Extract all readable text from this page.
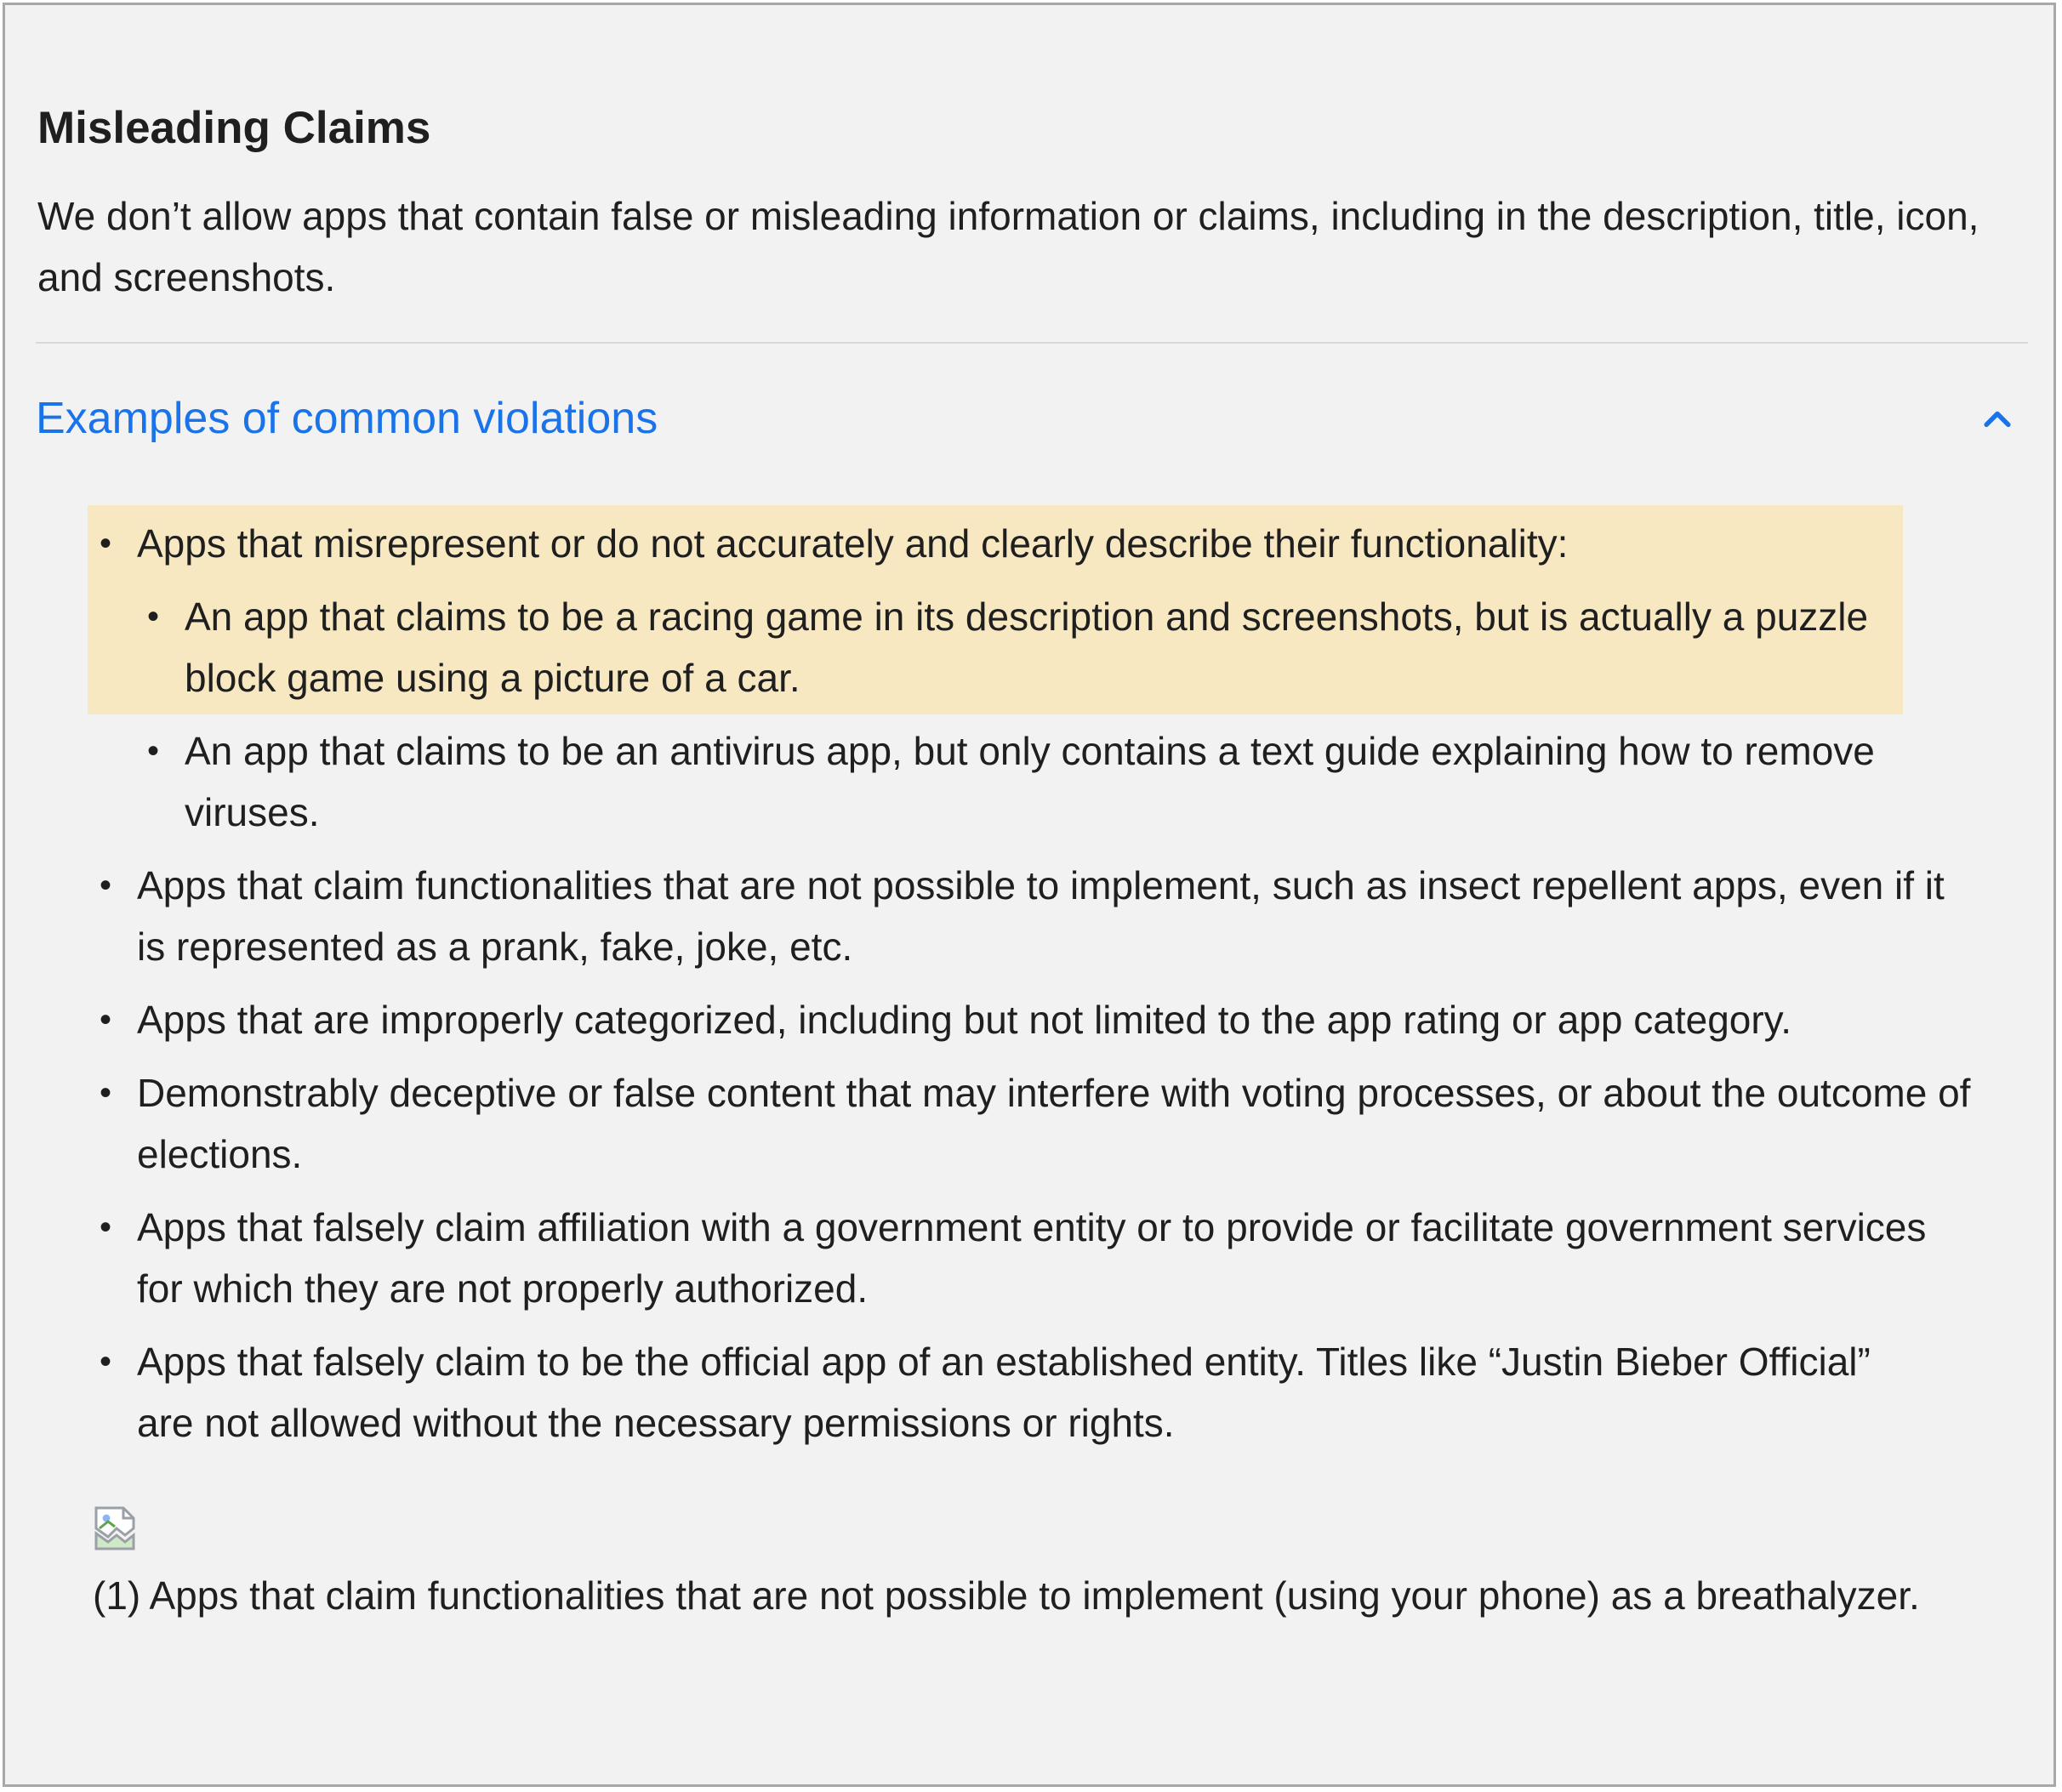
Misleading Claims

We don’t allow apps that contain false or misleading information or claims, including in the description, title, icon, and screenshots.

Examples of common violations
• Apps that misrepresent or do not accurately and clearly describe their functionality:
• An app that claims to be a racing game in its description and screenshots, but is actually a puzzle block game using a picture of a car.
• An app that claims to be an antivirus app, but only contains a text guide explaining how to remove viruses.
• Apps that claim functionalities that are not possible to implement, such as insect repellent apps, even if it is represented as a prank, fake, joke, etc.
• Apps that are improperly categorized, including but not limited to the app rating or app category.
• Demonstrably deceptive or false content that may interfere with voting processes, or about the outcome of elections.
• Apps that falsely claim affiliation with a government entity or to provide or facilitate government services for which they are not properly authorized.
• Apps that falsely claim to be the official app of an established entity. Titles like “Justin Bieber Official” are not allowed without the necessary permissions or rights.

(1) Apps that claim functionalities that are not possible to implement (using your phone) as a breathalyzer.
